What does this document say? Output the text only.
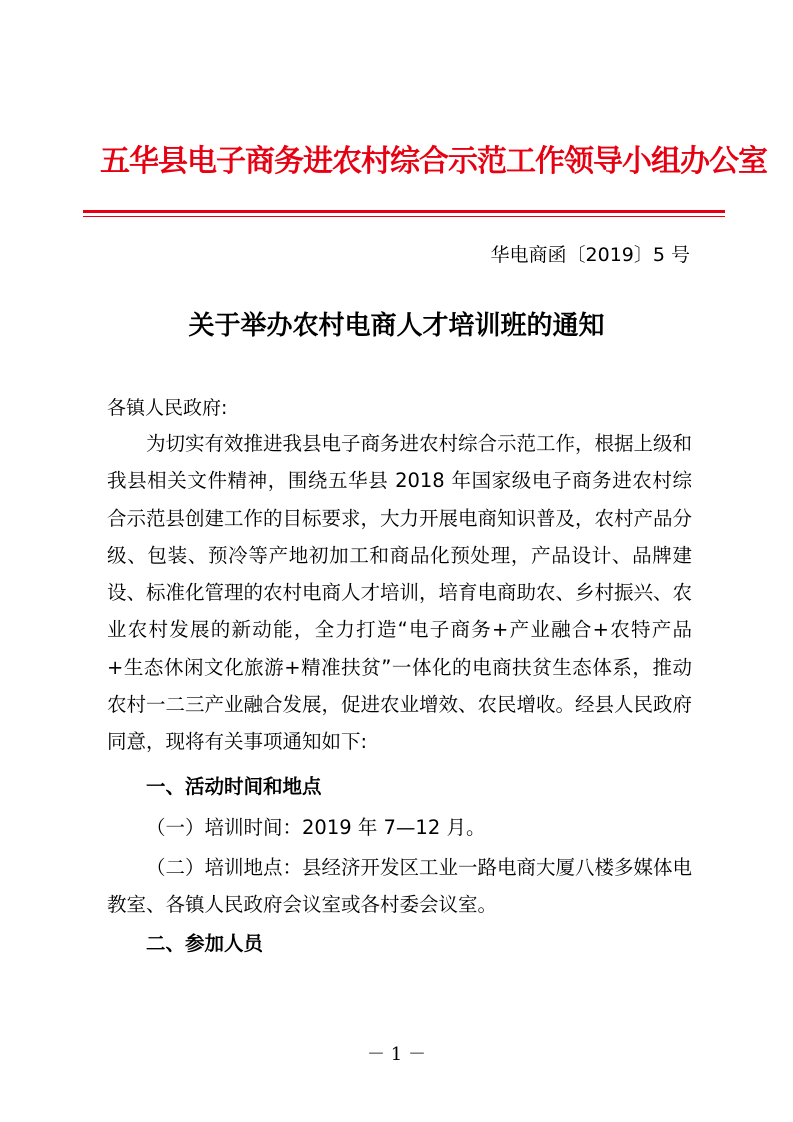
五华县电子商务进农村综合示范工作领导小组办公室
华电商函〔2019〕5 号
关于举办农村电商人才培训班的通知
各镇人民政府:

为切实有效推进我县电子商务进农村综合示范工作，根据上级和我县相关文件精神，围绕五华县 2018 年国家级电子商务进农村综合示范县创建工作的目标要求，大力开展电商知识普及，农村产品分级、包装、预冷等产地初加工和商品化预处理，产品设计、品牌建设、标准化管理的农村电商人才培训，培育电商助农、乡村振兴、农业农村发展的新动能，全力打造“电子商务+产业融合+农特产品+生态休闲文化旅游+精准扶贫”一体化的电商扶贫生态体系，推动农村一二三产业融合发展，促进农业增效、农民增收。经县人民政府同意，现将有关事项通知如下:

一、活动时间和地点

（一）培训时间：2019 年 7—12 月。

（二）培训地点：县经济开发区工业一路电商大厦八楼多媒体电教室、各镇人民政府会议室或各村委会议室。

二、参加人员
－ 1 －
